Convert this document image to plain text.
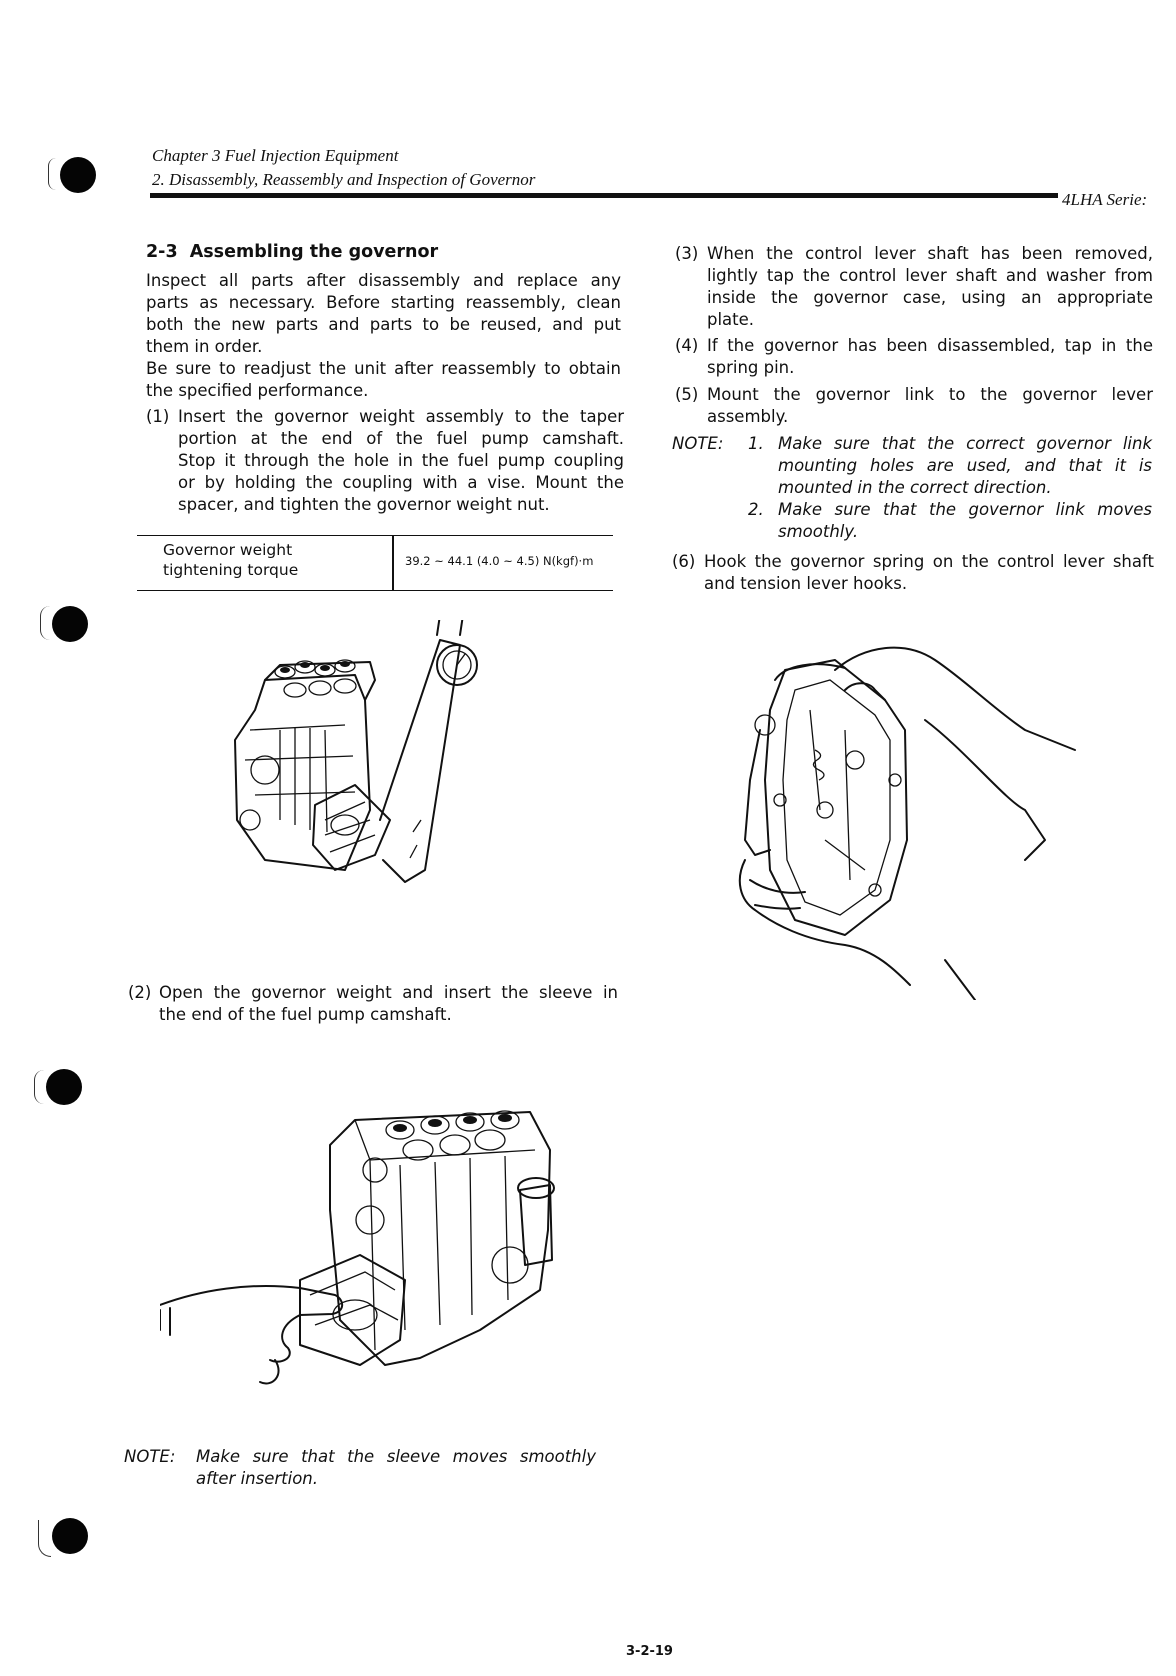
Chapter 3 Fuel Injection Equipment
2. Disassembly, Reassembly and Inspection of Governor
4LHA Serie:
2-3 Assembling the governor
Inspect all parts after disassembly and replace any
parts as necessary. Before starting reassembly, clean
both the new parts and parts to be reused, and put
them in order.
Be sure to readjust the unit after reassembly to obtain
the specified performance.
(1) Insert the governor weight assembly to the taper
portion at the end of the fuel pump camshaft.
Stop it through the hole in the fuel pump coupling
or by holding the coupling with a vise. Mount the
spacer, and tighten the governor weight nut.
Governor weight
tightening torque	39.2 ~ 44.1 (4.0 ~ 4.5) N(kgf)·m
(2) Open the governor weight and insert the sleeve in
the end of the fuel pump camshaft.
NOTE:	Make sure that the sleeve moves smoothly
after insertion.
(3) When the control lever shaft has been removed,
lightly tap the control lever shaft and washer from
inside the governor case, using an appropriate
plate.
(4) If the governor has been disassembled, tap in the
spring pin.
(5) Mount the governor link to the governor lever
assembly.
NOTE: 1. Make sure that the correct governor link
mounting holes are used, and that it is
mounted in the correct direction.
2. Make sure that the governor link moves
smoothly.
(6) Hook the governor spring on the control lever shaft
and tension lever hooks.
3-2-19
